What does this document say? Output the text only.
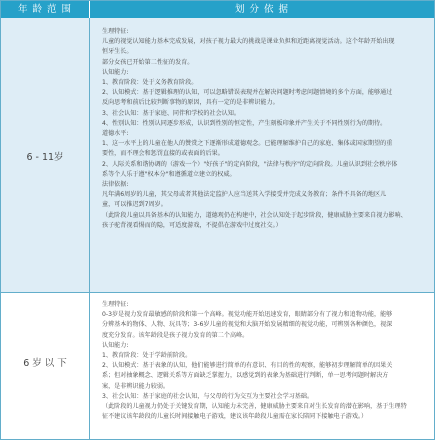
年 龄 范 围	划 分 依 据
6 - 11岁

生理特征:

儿童的视觉认知能力基本完成发展，对孩子视力最大的挑战是课业负担和近距离视觉活动。这个年龄开始出现

恒牙生长。

部分女孩已开始第二性征的发育。

认知能力:

1、教育阶段：处于义务教育阶段。

2、认知模式：基于逻辑推理的认知，可以忽略错误表现并在解决问题时考虑问题情境的多个方面，能够通过

反向思考和前后比较判断事物的原因，具有一定的是非辨识能力。

3、社会认知：基于家庭、同伴和学校的社会认知。

4、性别认知：性别认同逐步形成，认识到性别的恒定性，产生刻板印象并产生关于不同性别行为的期待。

道德水平:

1、这一水平上的儿童在他人的赞赏之下逐渐形成道德观念。已能理解维护自己的家庭、集体或国家期望的重

要性，而不理会和惩罚直接的或表面的后果。

2、人际关系和谐协调的（游戏一个）"好孩子"的定向阶段，"法律与秩序"的定向阶段。儿童认识到社会秩序体

系等个人乐于遵"权本分"和遵循道立建立的权威。

法律依据:

凡年满6周岁的儿童，其父母或者其他法定监护人应当送其入学接受并完成义务教育；条件不具备的地区儿

童，可以推迟到7周岁。

（此阶段儿童以具备基本的认知能力，道德观仍在构建中，社会认知处于起步阶段，健康威胁主要来自视力影响、

孩子驼背视看惕而的隐，可适度游戏，不提倡在游戏中过度社交。）

6 岁 以 下

生理特征:

0-3岁是视力发育最敏感的阶段和第一个高峰。视觉功能开始迅速发育，眼睛部分有了视力和追物功能，能够

分辨基本的物体、人物、玩具等；3-6岁儿童的视觉和大脑开始发展精细的视觉功能，可辨别各种颜色，视深

度充分发育。该年龄段是孩子视力发育的第二个高峰。

认知能力:

1、教育阶段：处于学龄前阶段。

2、认知模式：基于表象的认知，他们能够进行简单的有意识、有目的性的观察，能够初步理解简单的因果关

系；但对抽象概念、逻辑关系等方面缺乏掌握力，以感觉到的表象为基础进行判断，单一思考问题时解决方

案，是非辨识能力较弱。

3、社会认知：基于家庭的社会认知，与父母的行为交互为主要社会学习基础。

（此阶段的儿童视力仍处于关键发育期，认知能力未完善，健康威胁主要来自对生长发育的潜在影响，基于生理特

征不建议该年龄段的儿童长时间接触电子游戏，建议该年龄段儿童需在家长陪同下接触电子游戏。）
